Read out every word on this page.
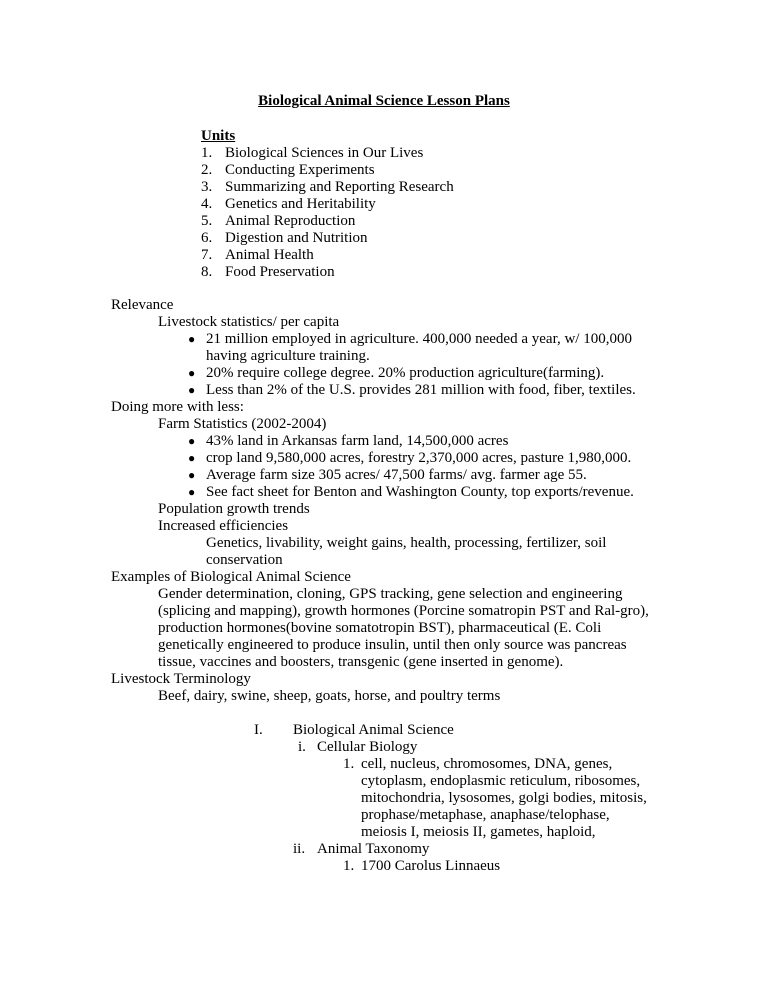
Biological Animal Science Lesson Plans
Units
1. Biological Sciences in Our Lives
2. Conducting Experiments
3. Summarizing and Reporting Research
4. Genetics and Heritability
5. Animal Reproduction
6. Digestion and Nutrition
7. Animal Health
8. Food Preservation
Relevance
Livestock statistics/ per capita
● 21 million employed in agriculture. 400,000 needed a year, w/ 100,000
having agriculture training.
● 20% require college degree. 20% production agriculture(farming).
● Less than 2% of the U.S. provides 281 million with food, fiber, textiles.
Doing more with less:
Farm Statistics (2002-2004)
● 43% land in Arkansas farm land, 14,500,000 acres
● crop land 9,580,000 acres, forestry 2,370,000 acres, pasture 1,980,000.
● Average farm size 305 acres/ 47,500 farms/ avg. farmer age 55.
● See fact sheet for Benton and Washington County, top exports/revenue.
Population growth trends
Increased efficiencies
Genetics, livability, weight gains, health, processing, fertilizer, soil
conservation
Examples of Biological Animal Science
Gender determination, cloning, GPS tracking, gene selection and engineering
(splicing and mapping), growth hormones (Porcine somatropin PST and Ral-gro),
production hormones(bovine somatotropin BST), pharmaceutical (E. Coli
genetically engineered to produce insulin, until then only source was pancreas
tissue, vaccines and boosters, transgenic (gene inserted in genome).
Livestock Terminology
Beef, dairy, swine, sheep, goats, horse, and poultry terms
I. Biological Animal Science
i. Cellular Biology
1. cell, nucleus, chromosomes, DNA, genes,
cytoplasm, endoplasmic reticulum, ribosomes,
mitochondria, lysosomes, golgi bodies, mitosis,
prophase/metaphase, anaphase/telophase,
meiosis I, meiosis II, gametes, haploid,
ii. Animal Taxonomy
1. 1700 Carolus Linnaeus
